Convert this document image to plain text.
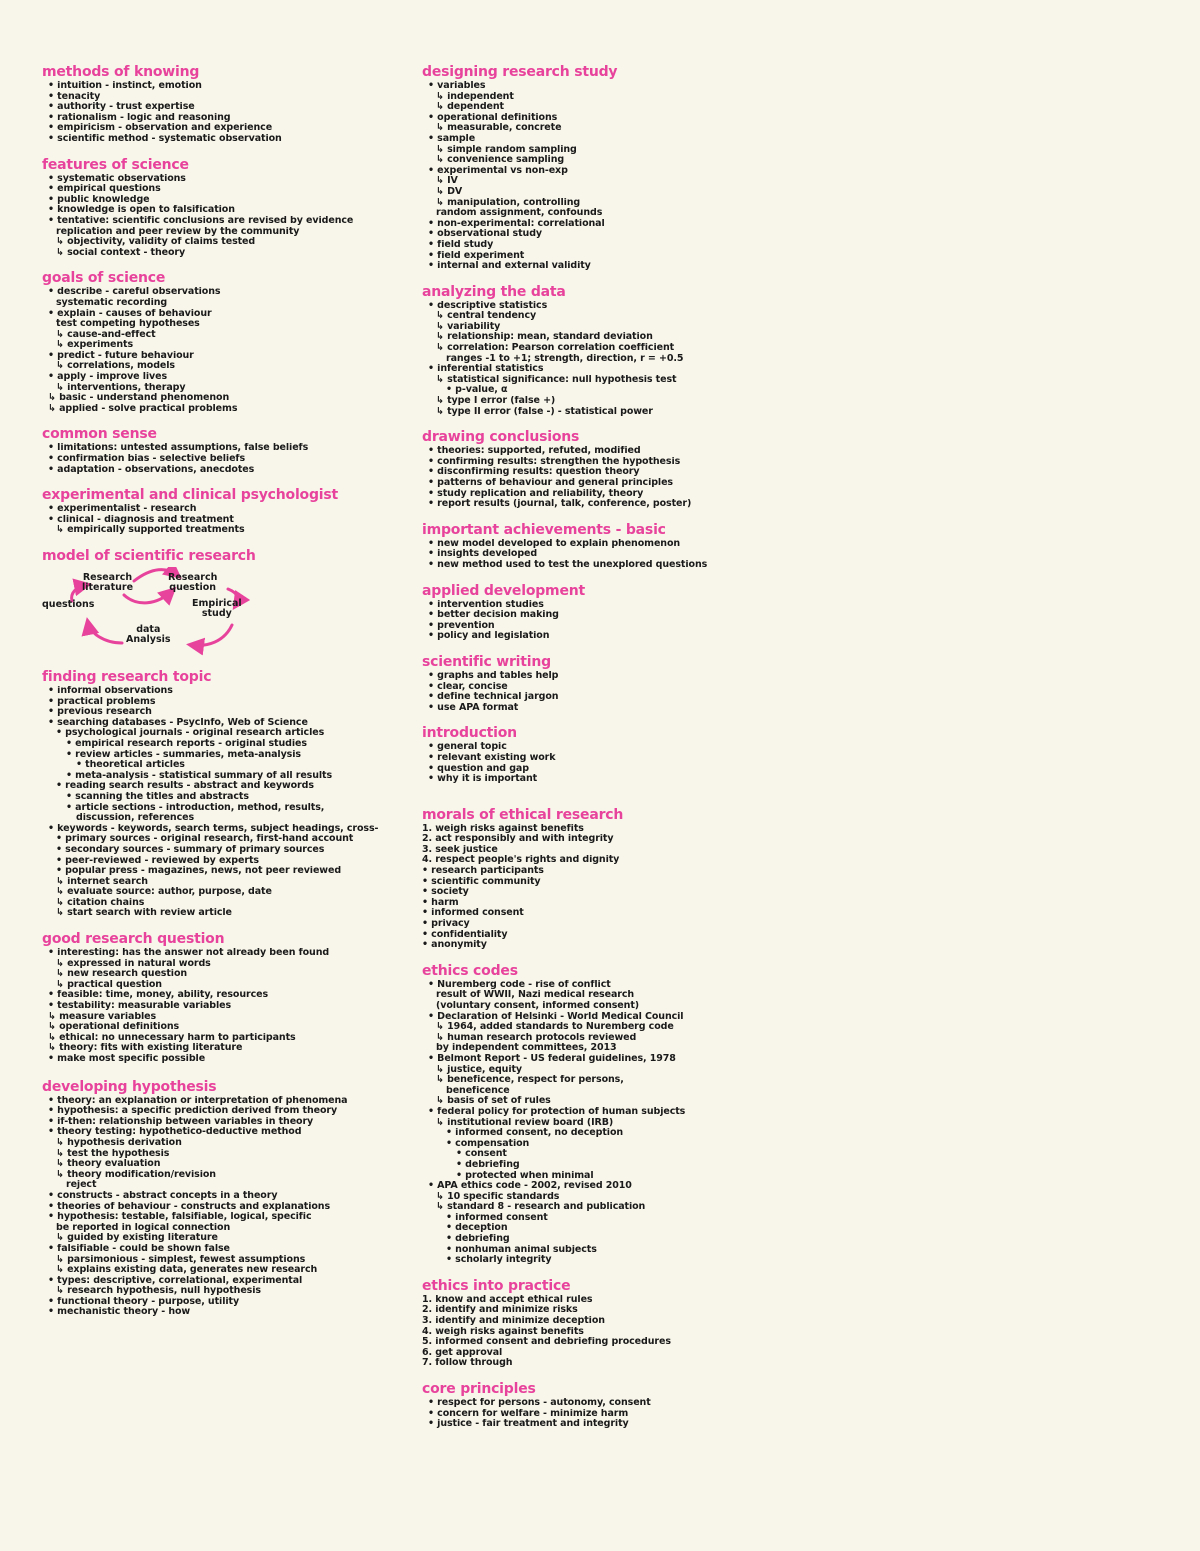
methods of knowing
• intuition - instinct, emotion
• tenacity
• authority - trust expertise
• rationalism - logic and reasoning
• empiricism - observation and experience
• scientific method - systematic observation
features of science
• systematic observations
• empirical questions
• public knowledge
• knowledge is open to falsification
• tentative: scientific conclusions are revised by evidence
replication and peer review by the community
↳ objectivity, validity of claims tested
↳ social context - theory
goals of science
• describe - careful observations
systematic recording
• explain - causes of behaviour
test competing hypotheses
↳ cause-and-effect
↳ experiments
• predict - future behaviour
↳ correlations, models
• apply - improve lives
↳ interventions, therapy
↳ basic - understand phenomenon
↳ applied - solve practical problems
common sense
• limitations: untested assumptions, false beliefs
• confirmation bias - selective beliefs
• adaptation - observations, anecdotes
experimental and clinical psychologist
• experimentalist - research
• clinical - diagnosis and treatment
↳ empirically supported treatments
model of scientific research
Research
literature
Research
question
Empirical
study
data
Analysis
questions
finding research topic
• informal observations
• practical problems
• previous research
• searching databases - PsycInfo, Web of Science
• psychological journals - original research articles
• empirical research reports - original studies
• review articles - summaries, meta-analysis
• theoretical articles
• meta-analysis - statistical summary of all results
• reading search results - abstract and keywords
• scanning the titles and abstracts
• article sections - introduction, method, results,
discussion, references
• keywords - keywords, search terms, subject headings, cross-
• primary sources - original research, first-hand account
• secondary sources - summary of primary sources
• peer-reviewed - reviewed by experts
• popular press - magazines, news, not peer reviewed
↳ internet search
↳ evaluate source: author, purpose, date
↳ citation chains
↳ start search with review article
good research question
• interesting: has the answer not already been found
↳ expressed in natural words
↳ new research question
↳ practical question
• feasible: time, money, ability, resources
• testability: measurable variables
↳ measure variables
↳ operational definitions
↳ ethical: no unnecessary harm to participants
↳ theory: fits with existing literature
• make most specific possible
developing hypothesis
• theory: an explanation or interpretation of phenomena
• hypothesis: a specific prediction derived from theory
• if-then: relationship between variables in theory
• theory testing: hypothetico-deductive method
↳ hypothesis derivation
↳ test the hypothesis
↳ theory evaluation
↳ theory modification/revision
reject
• constructs - abstract concepts in a theory
• theories of behaviour - constructs and explanations
• hypothesis: testable, falsifiable, logical, specific
be reported in logical connection
↳ guided by existing literature
• falsifiable - could be shown false
↳ parsimonious - simplest, fewest assumptions
↳ explains existing data, generates new research
• types: descriptive, correlational, experimental
↳ research hypothesis, null hypothesis
• functional theory - purpose, utility
• mechanistic theory - how
designing research study
• variables
↳ independent
↳ dependent
• operational definitions
↳ measurable, concrete
• sample
↳ simple random sampling
↳ convenience sampling
• experimental vs non-exp
↳ IV
↳ DV
↳ manipulation, controlling
random assignment, confounds
• non-experimental: correlational
• observational study
• field study
• field experiment
• internal and external validity
analyzing the data
• descriptive statistics
↳ central tendency
↳ variability
↳ relationship: mean, standard deviation
↳ correlation: Pearson correlation coefficient
ranges -1 to +1; strength, direction, r = +0.5
• inferential statistics
↳ statistical significance: null hypothesis test
• p-value, α
↳ type I error (false +)
↳ type II error (false -) - statistical power
drawing conclusions
• theories: supported, refuted, modified
• confirming results: strengthen the hypothesis
• disconfirming results: question theory
• patterns of behaviour and general principles
• study replication and reliability, theory
• report results (journal, talk, conference, poster)
important achievements - basic
• new model developed to explain phenomenon
• insights developed
• new method used to test the unexplored questions
applied development
• intervention studies
• better decision making
• prevention
• policy and legislation
scientific writing
• graphs and tables help
• clear, concise
• define technical jargon
• use APA format
introduction
• general topic
• relevant existing work
• question and gap
• why it is important
morals of ethical research
1. weigh risks against benefits
2. act responsibly and with integrity
3. seek justice
4. respect people's rights and dignity
• research participants
• scientific community
• society
• harm
• informed consent
• privacy
• confidentiality
• anonymity
ethics codes
• Nuremberg code - rise of conflict
result of WWII, Nazi medical research
(voluntary consent, informed consent)
• Declaration of Helsinki - World Medical Council
↳ 1964, added standards to Nuremberg code
↳ human research protocols reviewed
by independent committees, 2013
• Belmont Report - US federal guidelines, 1978
↳ justice, equity
↳ beneficence, respect for persons,
beneficence
↳ basis of set of rules
• federal policy for protection of human subjects
↳ institutional review board (IRB)
• informed consent, no deception
• compensation
• consent
• debriefing
• protected when minimal
• APA ethics code - 2002, revised 2010
↳ 10 specific standards
↳ standard 8 - research and publication
• informed consent
• deception
• debriefing
• nonhuman animal subjects
• scholarly integrity
ethics into practice
1. know and accept ethical rules
2. identify and minimize risks
3. identify and minimize deception
4. weigh risks against benefits
5. informed consent and debriefing procedures
6. get approval
7. follow through
core principles
• respect for persons - autonomy, consent
• concern for welfare - minimize harm
• justice - fair treatment and integrity
